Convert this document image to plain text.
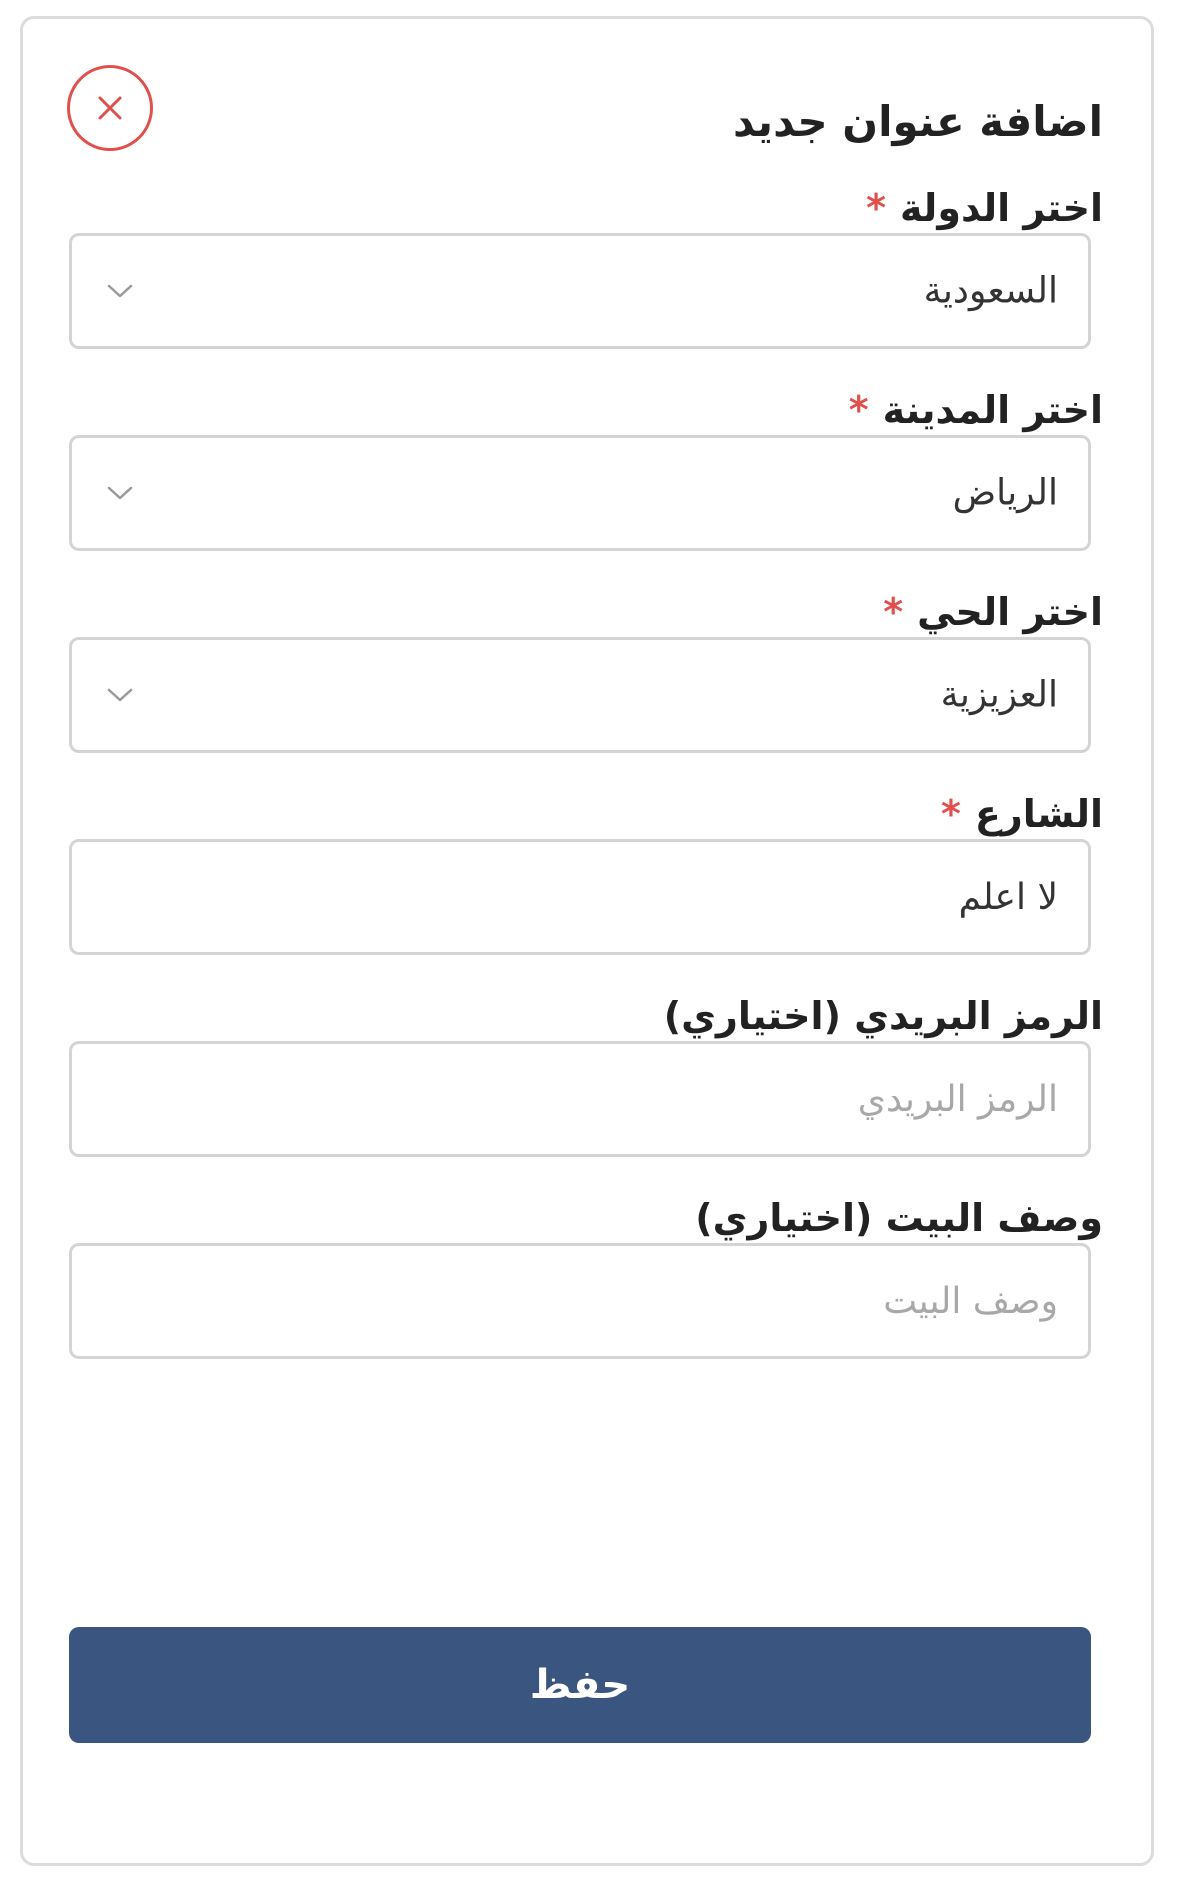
اضافة عنوان جديد
اختر الدولة*
السعودية
اختر المدينة*
الرياض
اختر الحي*
العزيزية
الشارع*
لا اعلم
الرمز البريدي (اختياري)
الرمز البريدي
وصف البيت (اختياري)
وصف البيت
حفظ
